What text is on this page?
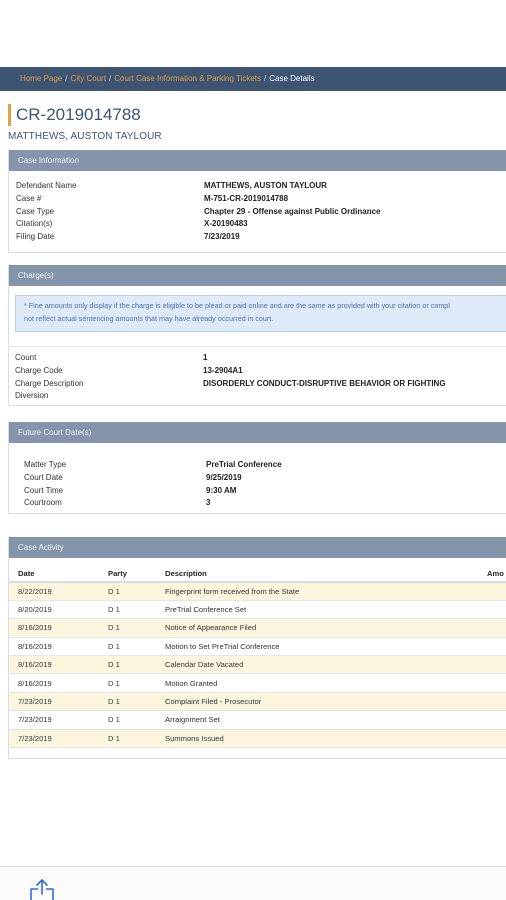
Home Page / City Court / Court Case Information & Parking Tickets / Case Details
CR-2019014788
MATTHEWS, AUSTON TAYLOUR
Case Information
Defendant Name	MATTHEWS, AUSTON TAYLOUR
Case #	M-751-CR-2019014788
Case Type	Chapter 29 - Offense against Public Ordinance
Citation(s)	X-20190483
Filing Date	7/23/2019
Charge(s)
* Fine amounts only display if the charge is eligible to be plead or paid online and are the same as provided with your citation or compl
not reflect actual sentencing amounts that may have already occurred in court.
Count	1
Charge Code	13-2904A1
Charge Description	DISORDERLY CONDUCT-DISRUPTIVE BEHAVIOR OR FIGHTING
Diversion
Future Court Date(s)
Matter Type	PreTrial Conference
Court Date	9/25/2019
Court Time	9:30 AM
Courtroom	3
Case Activity
Date	Party	Description	Amo
8/22/2019	D 1	Fingerprint form received from the State	
8/20/2019	D 1	PreTrial Conference Set	
8/16/2019	D 1	Notice of Appearance Filed	
8/16/2019	D 1	Motion to Set PreTrial Conference	
8/16/2019	D 1	Calendar Date Vacated	
8/16/2019	D 1	Motion Granted	
7/23/2019	D 1	Complaint Filed - Prosecutor	
7/23/2019	D 1	Arraignment Set	
7/23/2019	D 1	Summons Issued	
